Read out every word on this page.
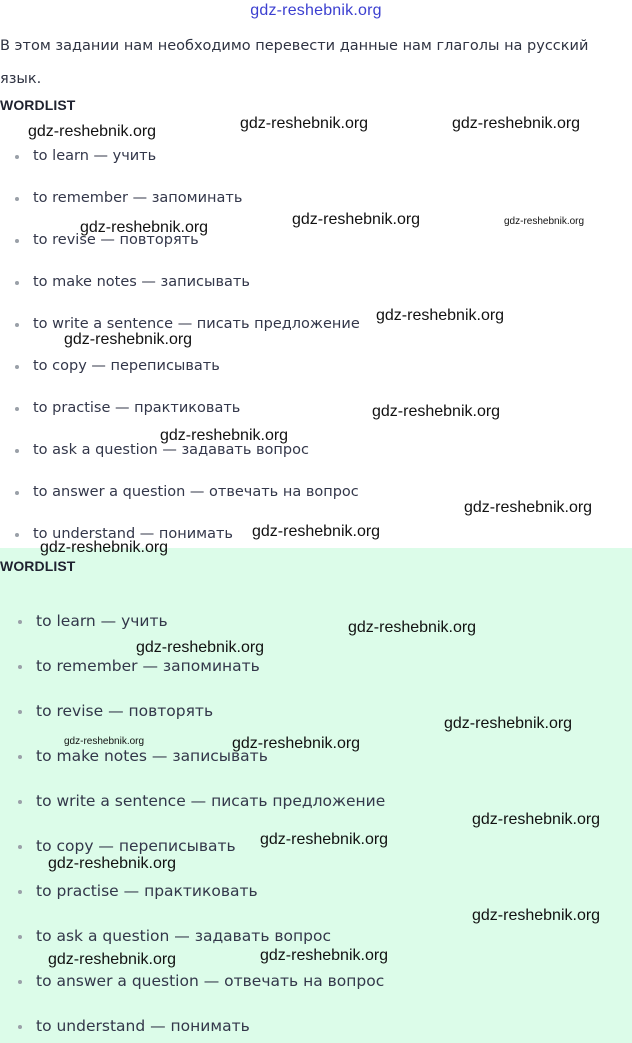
gdz-reshebnik.org

В этом задании нам необходимо перевести данные нам глаголы на русский язык.

WORDLIST
to learn — учить
to remember — запоминать
to revise — повторять
to make notes — записывать
to write a sentence — писать предложение
to copy — переписывать
to practise — практиковать
to ask a question — задавать вопрос
to answer a question — отвечать на вопрос
to understand — понимать
WORDLIST
to learn — учить
to remember — запоминать
to revise — повторять
to make notes — записывать
to write a sentence — писать предложение
to copy — переписывать
to practise — практиковать
to ask a question — задавать вопрос
to answer a question — отвечать на вопрос
to understand — понимать
gdz-reshebnik.org	gdz-reshebnik.org	gdz-reshebnik.org
gdz-reshebnik.org	gdz-reshebnik.org	gdz-reshebnik.org
gdz-reshebnik.org
gdz-reshebnik.org
gdz-reshebnik.org
gdz-reshebnik.org
gdz-reshebnik.org
gdz-reshebnik.org
gdz-reshebnik.org
gdz-reshebnik.org
gdz-reshebnik.org
gdz-reshebnik.org
gdz-reshebnik.org	gdz-reshebnik.org
gdz-reshebnik.org
gdz-reshebnik.org
gdz-reshebnik.org
gdz-reshebnik.org
gdz-reshebnik.org
gdz-reshebnik.org
